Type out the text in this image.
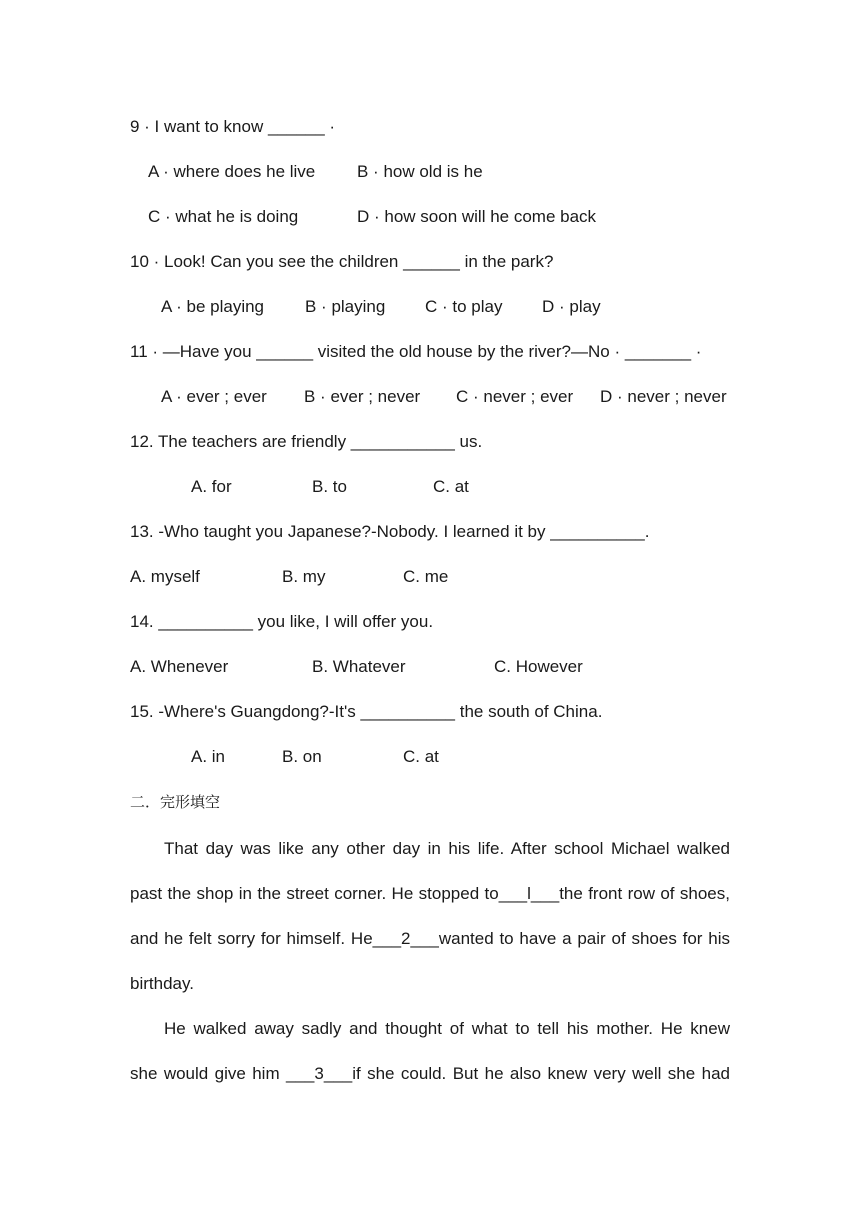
9 · I want to know ______ ·
A · where does he live B · how old is he
C · what he is doing	D · how soon will he come back
10 · Look! Can you see the children ______ in the park?
A · be playing B · playing C · to play D · play
11 · —Have you ______ visited the old house by the river?—No · _______ ·
A · ever ; ever B · ever ; never C · never ; ever D · never ; never
12. The teachers are friendly ___________ us.
A. for	B. to	C. at
13. -Who taught you Japanese?-Nobody. I learned it by __________.
A. myself	B. my	C. me
14. __________ you like, I will offer you.
A. Whenever	B. Whatever	C. However
15. -Where's Guangdong?-It's __________ the south of China.
A. in	B. on	C. at
二．完形填空
That day was like any other day in his life. After school Michael walked
past the shop in the street corner. He stopped to___l___the front row of shoes,
and he felt sorry for himself. He___2___wanted to have a pair of shoes for his
birthday.
He walked away sadly and thought of what to tell his mother. He knew
she would give him ___3___if she could. But he also knew very well she had
